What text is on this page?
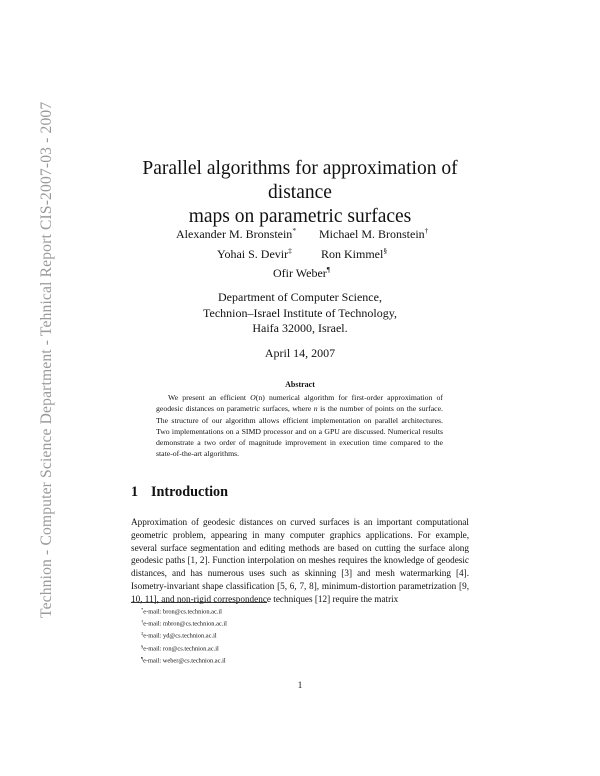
Technion - Computer Science Department - Tehnical Report CIS-2007-03 - 2007	Parallel algorithms for approximation of distance
maps on parametric surfaces
Alexander M. Bronstein* Michael M. Bronstein†
Yohai S. Devir‡ Ron Kimmel§
Ofir Weber¶
Department of Computer Science,
Technion–Israel Institute of Technology,
Haifa 32000, Israel.
April 14, 2007
Abstract
We present an efficient O(n) numerical algorithm for first-order approximation of geodesic distances on parametric surfaces, where n is the number of points on the surface. The structure of our algorithm allows efficient implementation on parallel architectures. Two implementations on a SIMD processor and on a GPU are discussed. Numerical results demonstrate a two order of magnitude improvement in execution time compared to the state-of-the-art algorithms.
1 Introduction

Approximation of geodesic distances on curved surfaces is an important computational geometric problem, appearing in many computer graphics applications. For example, several surface segmentation and editing methods are based on cutting the surface along geodesic paths [1, 2]. Function interpolation on meshes requires the knowledge of geodesic distances, and has numerous uses such as skinning [3] and mesh watermarking [4]. Isometry-invariant shape classification [5, 6, 7, 8], minimum-distortion parametrization [9, 10, 11], and non-rigid correspondence techniques [12] require the matrix

*e-mail: bron@cs.technion.ac.il
†e-mail: mbron@cs.technion.ac.il
‡e-mail: yd@cs.technion.ac.il
§e-mail: ron@cs.technion.ac.il
¶e-mail: weber@cs.technion.ac.il
1
